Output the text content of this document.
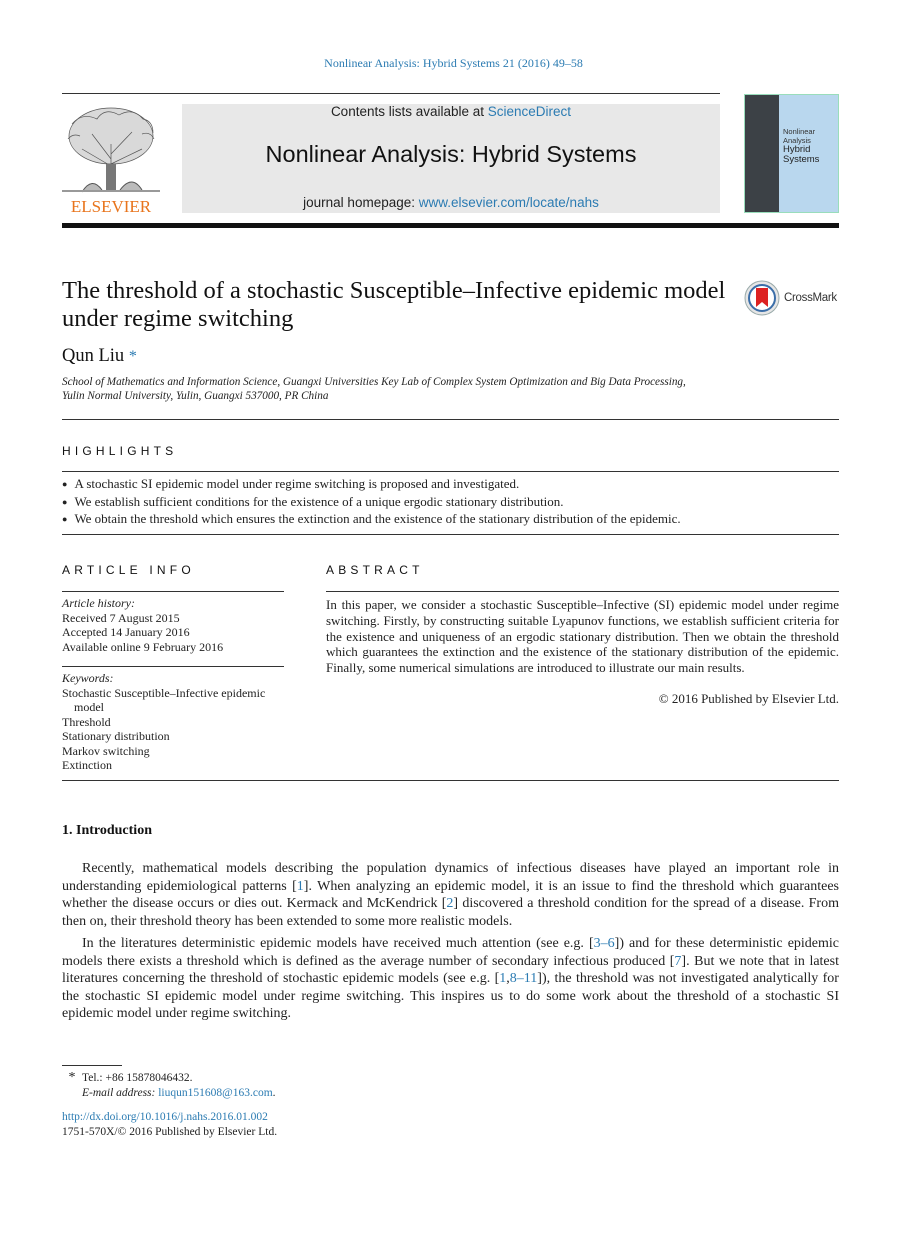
Nonlinear Analysis: Hybrid Systems 21 (2016) 49–58
ELSEVIER
Contents lists available at ScienceDirect
Nonlinear Analysis: Hybrid Systems
journal homepage: www.elsevier.com/locate/nahs
Nonlinear Analysis
Hybrid
Systems
The threshold of a stochastic Susceptible–Infective epidemic model under regime switching
CrossMark
Qun Liu *
School of Mathematics and Information Science, Guangxi Universities Key Lab of Complex System Optimization and Big Data Processing, Yulin Normal University, Yulin, Guangxi 537000, PR China
HIGHLIGHTS
● A stochastic SI epidemic model under regime switching is proposed and investigated.
● We establish sufficient conditions for the existence of a unique ergodic stationary distribution.
● We obtain the threshold which ensures the extinction and the existence of the stationary distribution of the epidemic.
ARTICLE INFO
Article history:
Received 7 August 2015
Accepted 14 January 2016
Available online 9 February 2016
Keywords:
Stochastic Susceptible–Infective epidemic
model
Threshold
Stationary distribution
Markov switching
Extinction
ABSTRACT
In this paper, we consider a stochastic Susceptible–Infective (SI) epidemic model under regime switching. Firstly, by constructing suitable Lyapunov functions, we establish sufficient criteria for the existence and uniqueness of an ergodic stationary distribution. Then we obtain the threshold which guarantees the extinction and the existence of the stationary distribution of the epidemic. Finally, some numerical simulations are introduced to illustrate our main results.
© 2016 Published by Elsevier Ltd.
1. Introduction
Recently, mathematical models describing the population dynamics of infectious diseases have played an important role in understanding epidemiological patterns [1]. When analyzing an epidemic model, it is an issue to find the threshold which guarantees whether the disease occurs or dies out. Kermack and McKendrick [2] discovered a threshold condition for the spread of a disease. From then on, their threshold theory has been extended to some more realistic models.
In the literatures deterministic epidemic models have received much attention (see e.g. [3–6]) and for these deterministic epidemic models there exists a threshold which is defined as the average number of secondary infectious produced [7]. But we note that in latest literatures concerning the threshold of stochastic epidemic models (see e.g. [1,8–11]), the threshold was not investigated analytically for the stochastic SI epidemic model under regime switching. This inspires us to do some work about the threshold of a stochastic SI epidemic model under regime switching.
* Tel.: +86 15878046432.
E-mail address: liuqun151608@163.com.
http://dx.doi.org/10.1016/j.nahs.2016.01.002
1751-570X/© 2016 Published by Elsevier Ltd.
